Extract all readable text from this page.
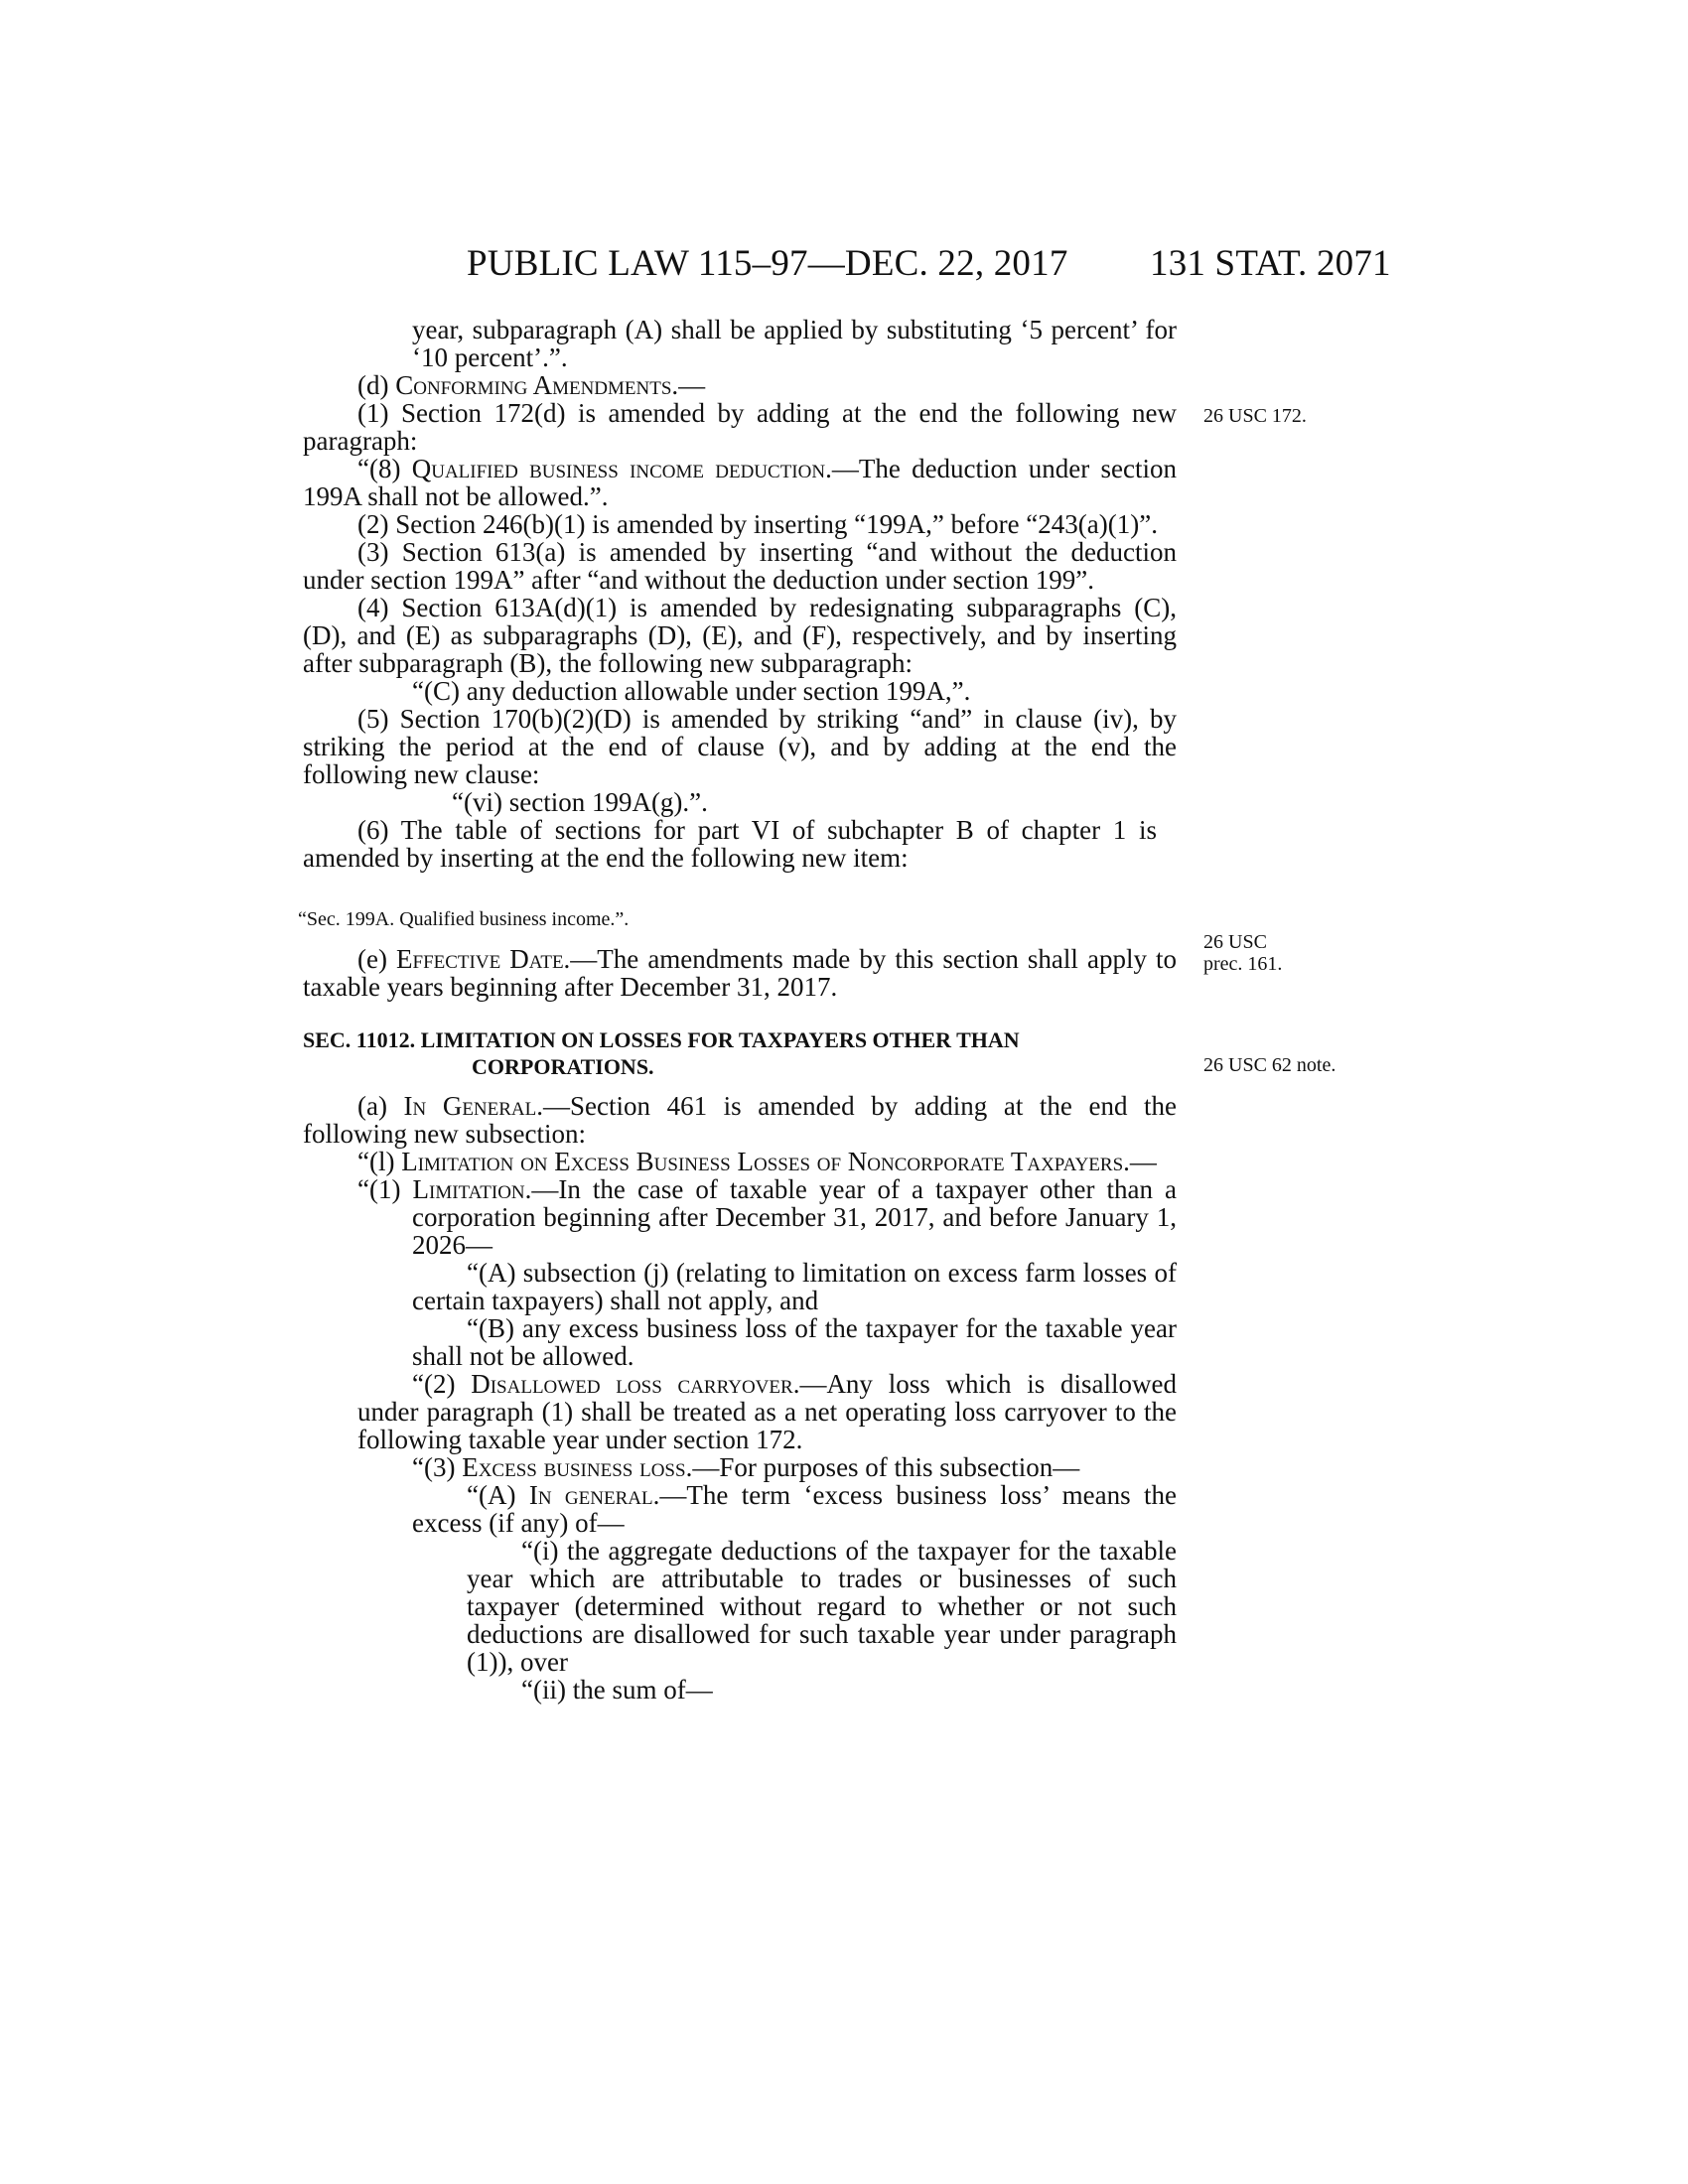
PUBLIC LAW 115–97—DEC. 22, 2017 131 STAT. 2071
26 USC 172.
26 USC
prec. 161.
26 USC 62 note.

year, subparagraph (A) shall be applied by substituting ‘5 percent’ for ‘10 percent’.”.

(d) Conforming Amendments.—

(1) Section 172(d) is amended by adding at the end the following new paragraph:

“(8) Qualified business income deduction.—The deduction under section 199A shall not be allowed.”.

(2) Section 246(b)(1) is amended by inserting “199A,” before “243(a)(1)”.

(3) Section 613(a) is amended by inserting “and without the deduction under section 199A” after “and without the deduction under section 199”.

(4) Section 613A(d)(1) is amended by redesignating subparagraphs (C), (D), and (E) as subparagraphs (D), (E), and (F), respectively, and by inserting after subparagraph (B), the following new subparagraph:

“(C) any deduction allowable under section 199A,”.

(5) Section 170(b)(2)(D) is amended by striking “and” in clause (iv), by striking the period at the end of clause (v), and by adding at the end the following new clause:

“(vi) section 199A(g).”.

(6) The table of sections for part VI of subchapter B of chapter 1 is amended by inserting at the end the following new item:

“Sec. 199A. Qualified business income.”.

(e) Effective Date.—The amendments made by this section shall apply to taxable years beginning after December 31, 2017.

SEC. 11012. LIMITATION ON LOSSES FOR TAXPAYERS OTHER THAN
CORPORATIONS.

(a) In General.—Section 461 is amended by adding at the end the following new subsection:

“(l) Limitation on Excess Business Losses of Noncorporate Taxpayers.—

“(1) Limitation.—In the case of taxable year of a taxpayer other than a corporation beginning after December 31, 2017, and before January 1, 2026—

“(A) subsection (j) (relating to limitation on excess farm losses of certain taxpayers) shall not apply, and

“(B) any excess business loss of the taxpayer for the taxable year shall not be allowed.

“(2) Disallowed loss carryover.—Any loss which is disallowed under paragraph (1) shall be treated as a net operating loss carryover to the following taxable year under section 172.

“(3) Excess business loss.—For purposes of this subsection—

“(A) In general.—The term ‘excess business loss’ means the excess (if any) of—

“(i) the aggregate deductions of the taxpayer for the taxable year which are attributable to trades or businesses of such taxpayer (determined without regard to whether or not such deductions are disallowed for such taxable year under paragraph (1)), over

“(ii) the sum of—
